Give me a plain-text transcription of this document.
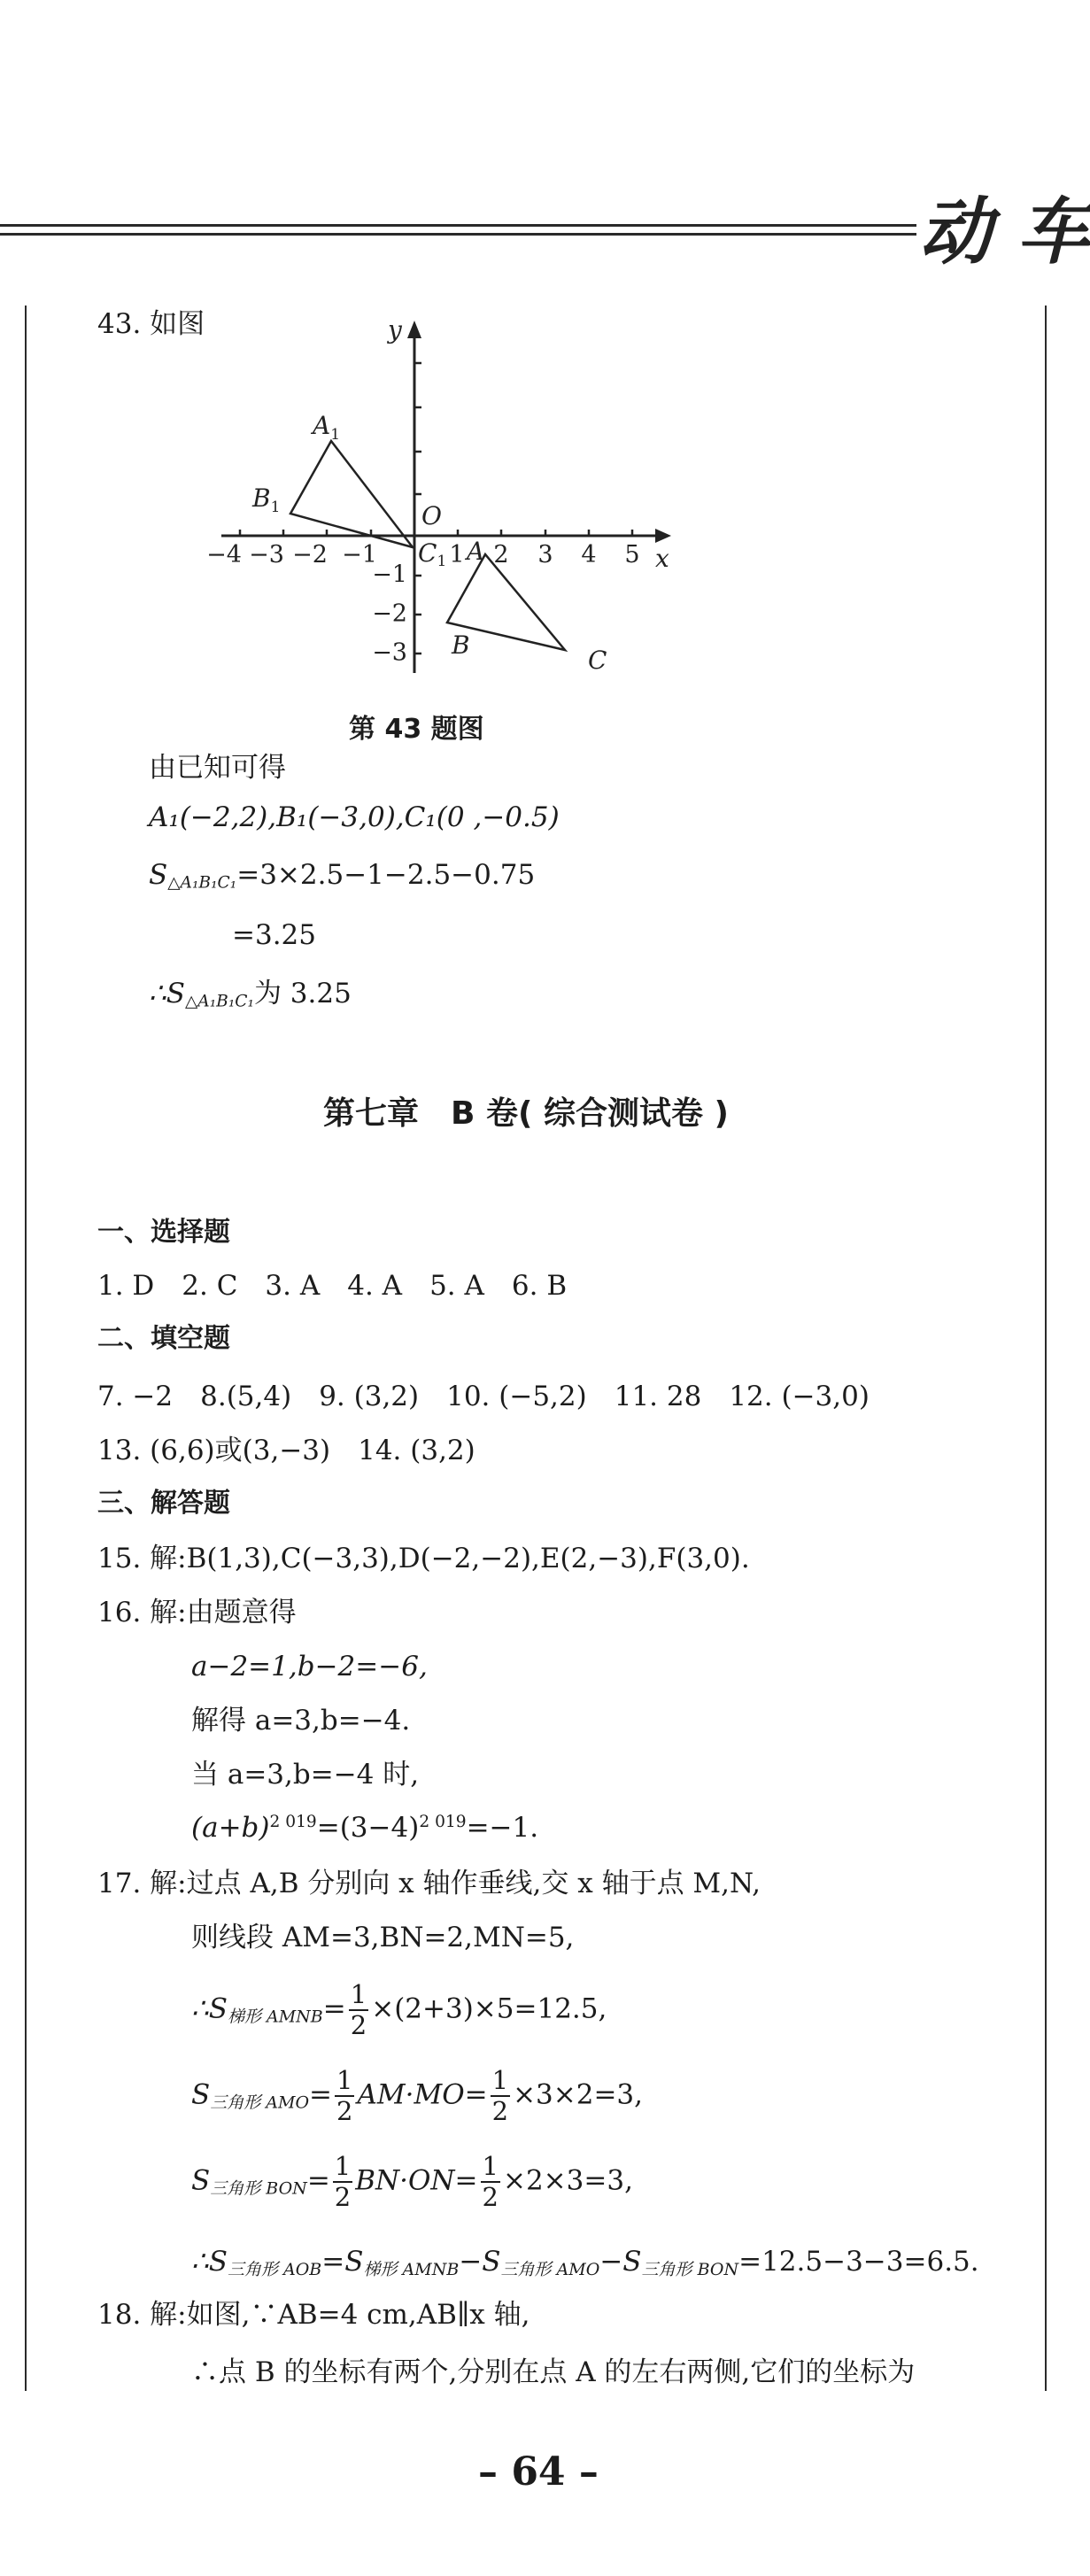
动 车
43. 如图
−4 −3 −2 −1	1 2 3 4 5
−1
−2
−3
y
x
O
$A_1$
$B_1$
$C_1$ A
B
C
第 43 题图
由已知可得
A₁(−2,2),B₁(−3,0),C₁(0 ,−0.5)
$S_{\triangle A_1B_1C_1}=3\times 2.5-1-2.5-0.75$
=3.25
$\therefore S_{\triangle A_1B_1C_1}$为 3.25
第七章　B 卷( 综合测试卷 )
一、选择题
1. D　2. C　3. A　4. A　5. A　6. B
二、填空题
7. −2　8.(5,4)　9. (3,2)　10. (−5,2)　11. 28　12. (−3,0)
13. (6,6)或(3,−3)　14. (3,2)
三、解答题
15. 解:B(1,3),C(−3,3),D(−2,−2),E(2,−3),F(3,0).
16. 解:由题意得
a−2=1,b−2=−6,
解得 a=3,b=−4.
当 a=3,b=−4 时,
$(a+b)^{2 019}=(3-4)^{2 019}=-1$.
17. 解:过点 A,B 分别向 x 轴作垂线,交 x 轴于点 M,N,
则线段 AM=3,BN=2,MN=5,
$\therefore S_{梯形 AMNB}= \frac{1}{2} \times(2+3)\times 5=12.5$,
$S_{三角形 AMO}= \frac{1}{2} AM\cdot MO= \frac{1}{2} \times 3\times 2=3$,
$S_{三角形 BON}= \frac{1}{2} BN\cdot ON= \frac{1}{2} \times 2\times 3=3$,
$\therefore S_{三角形 AOB}=S_{梯形 AMNB}-S_{三角形 AMO}-S_{三角形 BON}=12.5-3-3=6.5$.
18. 解:如图,∵AB=4 cm,AB∥x 轴,
∴点 B 的坐标有两个,分别在点 A 的左右两侧,它们的坐标为
– 64 –
